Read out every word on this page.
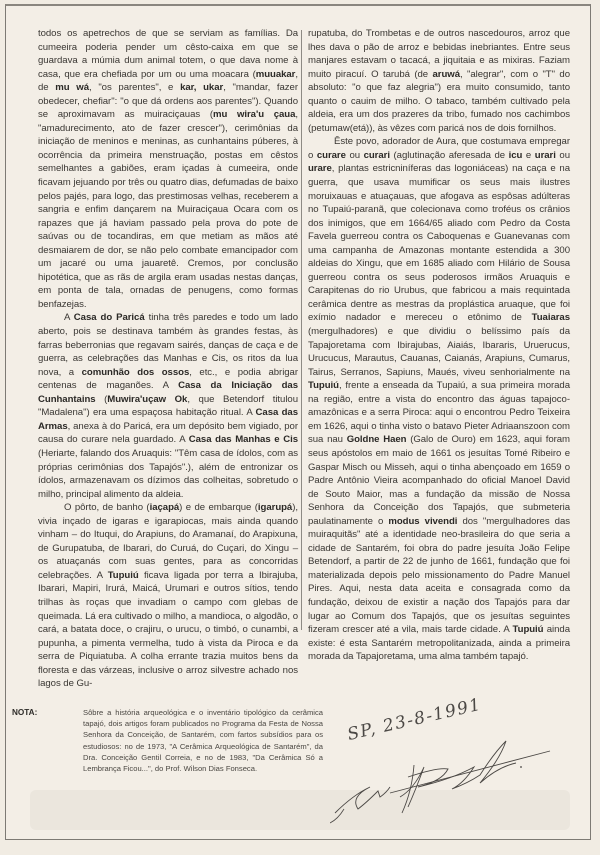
todos os apetrechos de que se serviam as famílias. Da cumeeira poderia pender um cêsto-caixa em que se guardava a múmia dum animal totem, o que dava nome à casa, que era chefiada por um ou uma moacara (muuakar, de mu wá, "os parentes", e kar, ukar, "mandar, fazer obedecer, chefiar": "o que dá ordens aos parentes"). Quando se aproximavam as muiraciçauas (mu wira'u çaua, "amadurecimento, ato de fazer crescer"), cerimônias da iniciação de meninos e meninas, as cunhantains púberes, à ocorrência da primeira menstruação, postas em cêstos semelhantes a gabiões, eram içadas à cumeeira, onde ficavam jejuando por três ou quatro dias, defumadas de baixo pelos pajés, para logo, das prestimosas velhas, receberem a sangria e enfim dançarem na Muiraciçaua Ocara com os rapazes que já haviam passado pela prova do pote de saúvas ou de tocandiras, em que metiam as mãos até desmaiarem de dor, se não pelo combate emancipador com um jacaré ou uma jauaretê. Cremos, por conclusão hipotética, que as rãs de argila eram usadas nestas danças, em ponta de tala, ornadas de penugens, como formas benfazejas.

A Casa do Paricá tinha três paredes e todo um lado aberto, pois se destinava também às grandes festas, às farras beberronias que regavam sairés, danças de caça e de guerra, as celebrações das Manhas e Cis, os ritos da lua nova, a comunhão dos ossos, etc., e podia abrigar centenas de maganões. A Casa da Iniciação das Cunhantains (Muwira'uçaw Ok, que Betendorf titulou "Madalena") era uma espaçosa habitação ritual. A Casa das Armas, anexa à do Paricá, era um depósito bem vigiado, por causa do curare nela guardado. A Casa das Manhas e Cis (Heriarte, falando dos Aruaquis: "Têm casa de ídolos, com as próprias cerimônias dos Tapajós".), além de entronizar os ídolos, armazenavam os dízimos das colheitas, sobretudo o milho, principal alimento da aldeia.

O pôrto, de banho (iaçapá) e de embarque (igarupá), vivia inçado de igaras e igarapiocas, mais ainda quando vinham – do Ituqui, do Arapiuns, do Aramanaí, do Arapixuna, de Gurupatuba, de Ibarari, do Curuá, do Cuçari, do Xingu – os atuaçanás com suas gentes, para as concorridas celebrações. A Tupuiú ficava ligada por terra a Ibirajuba, Ibarari, Mapiri, Irurá, Maicá, Urumari e outros sítios, tendo trilhas às roças que invadiam o campo com glebas de queimada. Lá era cultivado o milho, a mandioca, o algodão, o cará, a batata doce, o crajiru, o urucu, o timbó, o cunambi, a pupunha, a pimenta vermelha, tudo à vista da Piroca e da serra de Piquiatuba. A colha errante trazia muitos bens da floresta e das várzeas, inclusive o arroz silvestre achado nos lagos de Gu-

rupatuba, do Trombetas e de outros nascedouros, arroz que lhes dava o pão de arroz e bebidas inebriantes. Entre seus manjares estavam o tacacá, a jiquitaia e as mixiras. Faziam muito piracuí. O tarubá (de aruwá, "alegrar", com o "T" do absoluto: "o que faz alegria") era muito consumido, tanto quanto o cauim de milho. O tabaco, também cultivado pela aldeia, era um dos prazeres da tribo, fumado nos cachimbos (petumaw(etá)), às vêzes com paricá nos de dois fornilhos.

Êste povo, adorador de Aura, que costumava empregar o curare ou curari (aglutinação aferesada de icu e urari ou urare, plantas estricniníferas das logoniáceas) na caça e na guerra, que usava mumificar os seus mais ilustres moruixauas e atuaçauas, que afogava as espôsas adúlteras no Tupaiú-paranã, que colecionava como troféus os crânios dos inimigos, que em 1664/65 aliado com Pedro da Costa Favela guerreou contra os Caboquenas e Guanevanas com uma campanha de Amazonas montante estendida a 300 aldeias do Xingu, que em 1685 aliado com Hilário de Sousa guerreou contra os seus poderosos irmãos Aruaquis e Carapitenas do rio Urubus, que fabricou a mais requintada cerâmica dentre as mestras da proplástica aruaque, que foi exímio nadador e mereceu o etônimo de Tuaiaras (mergulhadores) e que dividiu o belíssimo país da Tapajoretama com Ibirajubas, Aiaiás, Ibararis, Uruerucus, Urucucus, Marautus, Cauanas, Caianás, Arapiuns, Cumarus, Tairus, Serranos, Sapiuns, Maués, viveu senhorialmente na Tupuiú, frente a enseada da Tupaiú, a sua primeira morada na região, entre a vista do encontro das águas tapajoco-amazônicas e a serra Piroca: aqui o encontrou Pedro Teixeira em 1626, aqui o tinha visto o batavo Pieter Adriaanszoon com sua nau Goldne Haen (Galo de Ouro) em 1623, aqui foram seus apóstolos em maio de 1661 os jesuítas Tomé Ribeiro e Gaspar Misch ou Misseh, aqui o tinha abençoado em 1659 o Padre Antônio Vieira acompanhado do oficial Manoel David de Souto Maior, mas a fundação da missão de Nossa Senhora da Conceição dos Tapajós, que submeteria paulatinamente o modus vivendi dos "mergulhadores das muiraquitãs" até a identidade neo-brasileira do que seria a cidade de Santarém, foi obra do padre jesuíta João Felipe Betendorf, a partir de 22 de junho de 1661, fundação que foi materializada depois pelo missionamento do Padre Manuel Pires. Aqui, nesta data aceita e consagrada como da fundação, deixou de existir a nação dos Tapajós para dar lugar ao Comum dos Tapajós, que os jesuítas seguintes fizeram crescer até a vila, mais tarde cidade. A Tupuiú ainda existe: é esta Santarém metropolitanizada, ainda a primeira morada da Tapajoretama, uma alma também tapajó.

NOTA:	Sôbre a história arqueológica e o inventário tipológico da cerâmica tapajó, dois artigos foram publicados no Programa da Festa de Nossa Senhora da Conceição, de Santarém, com fartos subsídios para os estudiosos: no de 1973, "A Cerâmica Arqueológica de Santarém", da Dra. Conceição Gentil Correia, e no de 1983, "Da Cerâmica Só a Lembrança Ficou...", do Prof. Wilson Dias Fonseca.
SP, 23-8-1991
